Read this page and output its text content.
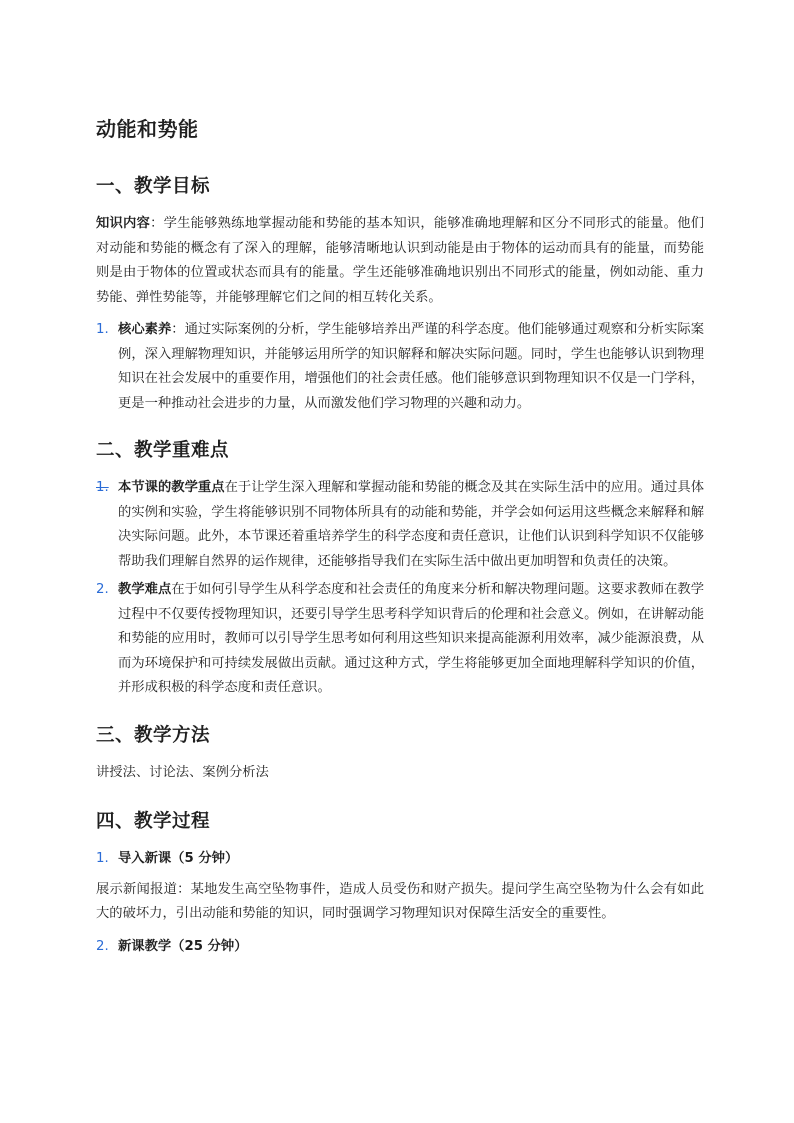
动能和势能
一、教学目标

知识内容：学生能够熟练地掌握动能和势能的基本知识，能够准确地理解和区分不同形式的能量。他们对动能和势能的概念有了深入的理解，能够清晰地认识到动能是由于物体的运动而具有的能量，而势能则是由于物体的位置或状态而具有的能量。学生还能够准确地识别出不同形式的能量，例如动能、重力势能、弹性势能等，并能够理解它们之间的相互转化关系。

1. 核心素养：通过实际案例的分析，学生能够培养出严谨的科学态度。他们能够通过观察和分析实际案例，深入理解物理知识，并能够运用所学的知识解释和解决实际问题。同时，学生也能够认识到物理知识在社会发展中的重要作用，增强他们的社会责任感。他们能够意识到物理知识不仅是一门学科，更是一种推动社会进步的力量，从而激发他们学习物理的兴趣和动力。
二、教学重难点
1. 本节课的教学重点在于让学生深入理解和掌握动能和势能的概念及其在实际生活中的应用。通过具体的实例和实验，学生将能够识别不同物体所具有的动能和势能，并学会如何运用这些概念来解释和解决实际问题。此外，本节课还着重培养学生的科学态度和责任意识，让他们认识到科学知识不仅能够帮助我们理解自然界的运作规律，还能够指导我们在实际生活中做出更加明智和负责任的决策。
2. 教学难点在于如何引导学生从科学态度和社会责任的角度来分析和解决物理问题。这要求教师在教学过程中不仅要传授物理知识，还要引导学生思考科学知识背后的伦理和社会意义。例如，在讲解动能和势能的应用时，教师可以引导学生思考如何利用这些知识来提高能源利用效率，减少能源浪费，从而为环境保护和可持续发展做出贡献。通过这种方式，学生将能够更加全面地理解科学知识的价值，并形成积极的科学态度和责任意识。
三、教学方法

讲授法、讨论法、案例分析法

四、教学过程
1. 导入新课（5 分钟）

展示新闻报道：某地发生高空坠物事件，造成人员受伤和财产损失。提问学生高空坠物为什么会有如此大的破坏力，引出动能和势能的知识，同时强调学习物理知识对保障生活安全的重要性。

2. 新课教学（25 分钟）
